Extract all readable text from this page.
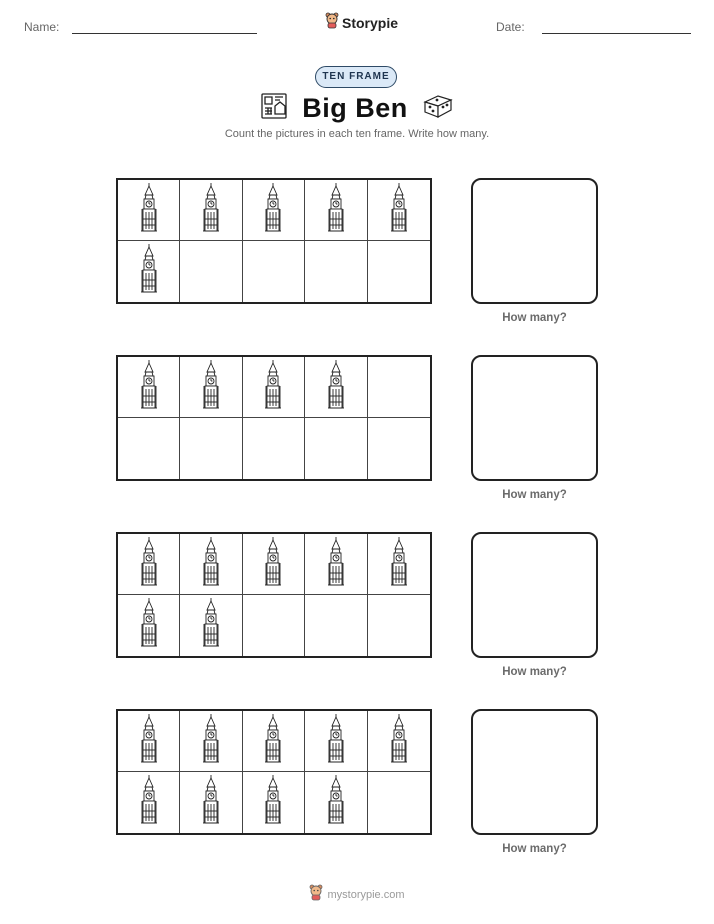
Name:	Storypie	Date:
TEN FRAME
Big Ben
Count the pictures in each ten frame. Write how many.
How many?
How many?
How many?
How many?
mystorypie.com
